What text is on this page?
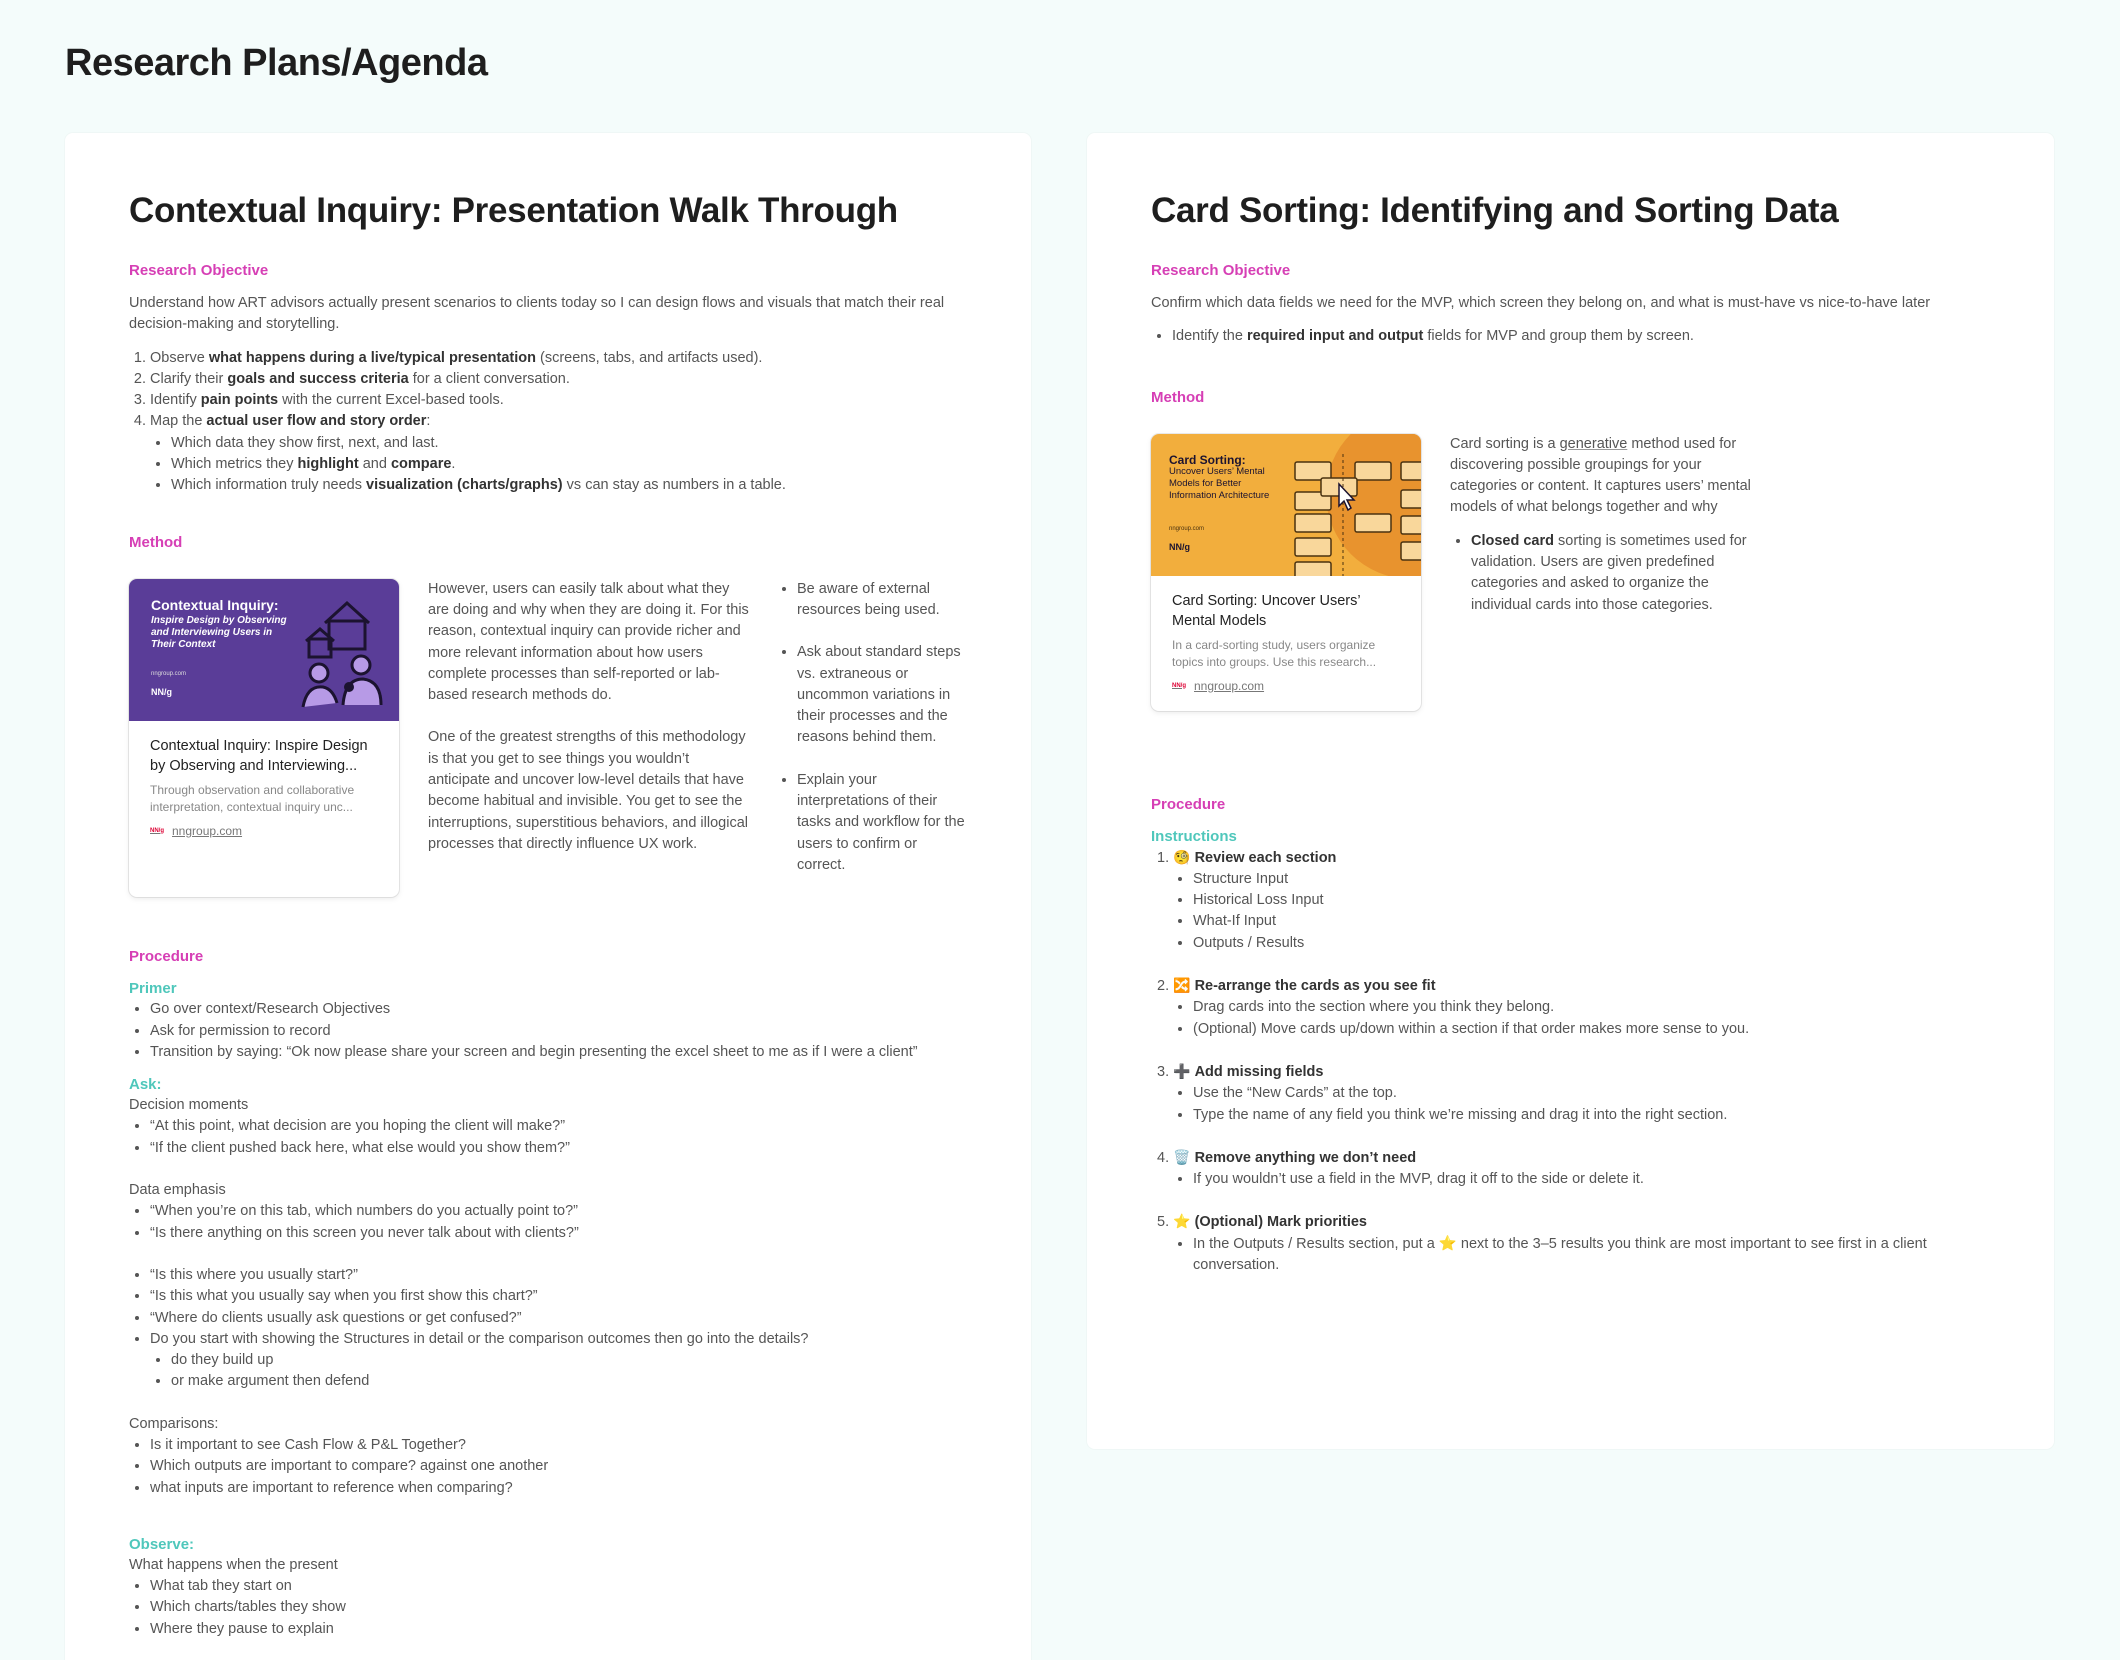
Research Plans/Agenda
Contextual Inquiry: Presentation Walk Through
Research Objective
Understand how ART advisors actually present scenarios to clients today so I can design flows and visuals that match their real decision-making and storytelling.
1. Observe what happens during a live/typical presentation (screens, tabs, and artifacts used).
2. Clarify their goals and success criteria for a client conversation.
3. Identify pain points with the current Excel-based tools.
4. Map the actual user flow and story order:
• Which data they show first, next, and last.
• Which metrics they highlight and compare.
• Which information truly needs visualization (charts/graphs) vs can stay as numbers in a table.
Method
Contextual Inquiry:
Inspire Design by Observing and Interviewing Users in Their Context
nngroup.com
NN/g
Contextual Inquiry: Inspire Design by Observing and Interviewing...
Through observation and collaborative interpretation, contextual inquiry unc...
NN/g nngroup.com

However, users can easily talk about what they are doing and why when they are doing it. For this reason, contextual inquiry can provide richer and more relevant information about how users complete processes than self-reported or lab-based research methods do.

One of the greatest strengths of this methodology is that you get to see things you wouldn’t anticipate and uncover low-level details that have become habitual and invisible. You get to see the interruptions, superstitious behaviors, and illogical processes that directly influence UX work.

• Be aware of external resources being used.
• Ask about standard steps vs. extraneous or uncommon variations in their processes and the reasons behind them.
• Explain your interpretations of their tasks and workflow for the users to confirm or correct.
Procedure
Primer
• Go over context/Research Objectives
• Ask for permission to record
• Transition by saying: “Ok now please share your screen and begin presenting the excel sheet to me as if I were a client”
Ask:
Decision moments
• “At this point, what decision are you hoping the client will make?”
• “If the client pushed back here, what else would you show them?”
Data emphasis
• “When you’re on this tab, which numbers do you actually point to?”
• “Is there anything on this screen you never talk about with clients?”
• “Is this where you usually start?”
• “Is this what you usually say when you first show this chart?”
• “Where do clients usually ask questions or get confused?”
• Do you start with showing the Structures in detail or the comparison outcomes then go into the details?
• do they build up
• or make argument then defend
Comparisons:
• Is it important to see Cash Flow & P&L Together?
• Which outputs are important to compare? against one another
• what inputs are important to reference when comparing?
Observe:
What happens when the present
• What tab they start on
• Which charts/tables they show
• Where they pause to explain
Card Sorting: Identifying and Sorting Data
Research Objective
Confirm which data fields we need for the MVP, which screen they belong on, and what is must-have vs nice-to-have later
• Identify the required input and output fields for MVP and group them by screen.
Method
Card Sorting:
Uncover Users’ Mental Models for Better Information Architecture
nngroup.com
NN/g
Card Sorting: Uncover Users’ Mental Models
In a card-sorting study, users organize topics into groups. Use this research...
NN/g nngroup.com

Card sorting is a generative method used for discovering possible groupings for your categories or content. It captures users’ mental models of what belongs together and why

• Closed card sorting is sometimes used for validation. Users are given predefined categories and asked to organize the individual cards into those categories.
Procedure
Instructions
1. 🧐 Review each section
• Structure Input
• Historical Loss Input
• What-If Input
• Outputs / Results
2. 🔀 Re-arrange the cards as you see fit
• Drag cards into the section where you think they belong.
• (Optional) Move cards up/down within a section if that order makes more sense to you.
3. ➕ Add missing fields
• Use the “New Cards” at the top.
• Type the name of any field you think we’re missing and drag it into the right section.
4. 🗑️ Remove anything we don’t need
• If you wouldn’t use a field in the MVP, drag it off to the side or delete it.
5. ⭐ (Optional) Mark priorities
• In the Outputs / Results section, put a ⭐ next to the 3–5 results you think are most important to see first in a client conversation.
